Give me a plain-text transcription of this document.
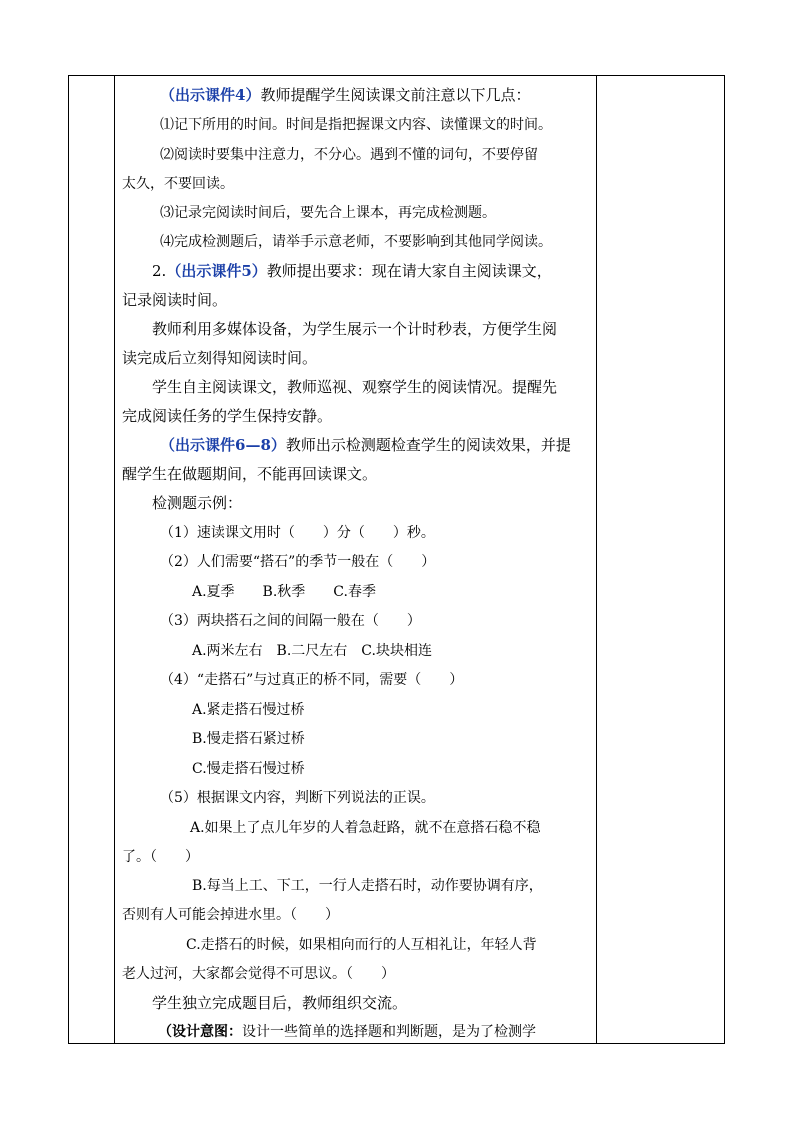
（出示课件4）教师提醒学生阅读课文前注意以下几点：
⑴记下所用的时间。时间是指把握课文内容、读懂课文的时间。
⑵阅读时要集中注意力，不分心。遇到不懂的词句，不要停留
太久，不要回读。
⑶记录完阅读时间后，要先合上课本，再完成检测题。
⑷完成检测题后，请举手示意老师，不要影响到其他同学阅读。
2.（出示课件5）教师提出要求：现在请大家自主阅读课文，
记录阅读时间。
教师利用多媒体设备，为学生展示一个计时秒表，方便学生阅
读完成后立刻得知阅读时间。
学生自主阅读课文，教师巡视、观察学生的阅读情况。提醒先
完成阅读任务的学生保持安静。
（出示课件6—8）教师出示检测题检查学生的阅读效果，并提
醒学生在做题期间，不能再回读课文。
检测题示例：
（1）速读课文用时（　　）分（　　）秒。
（2）人们需要“搭石”的季节一般在（　　）
A.夏季　　B.秋季　　C.春季
（3）两块搭石之间的间隔一般在（　　）
A.两米左右　B.二尺左右　C.块块相连
（4）“走搭石”与过真正的桥不同，需要（　　）
A.紧走搭石慢过桥
B.慢走搭石紧过桥
C.慢走搭石慢过桥
（5）根据课文内容，判断下列说法的正误。
A.如果上了点儿年岁的人着急赶路，就不在意搭石稳不稳
了。（　　）
B.每当上工、下工，一行人走搭石时，动作要协调有序，
否则有人可能会掉进水里。（　　）
C.走搭石的时候，如果相向而行的人互相礼让，年轻人背
老人过河，大家都会觉得不可思议。（　　）
学生独立完成题目后，教师组织交流。
（设计意图：设计一些简单的选择题和判断题，是为了检测学
